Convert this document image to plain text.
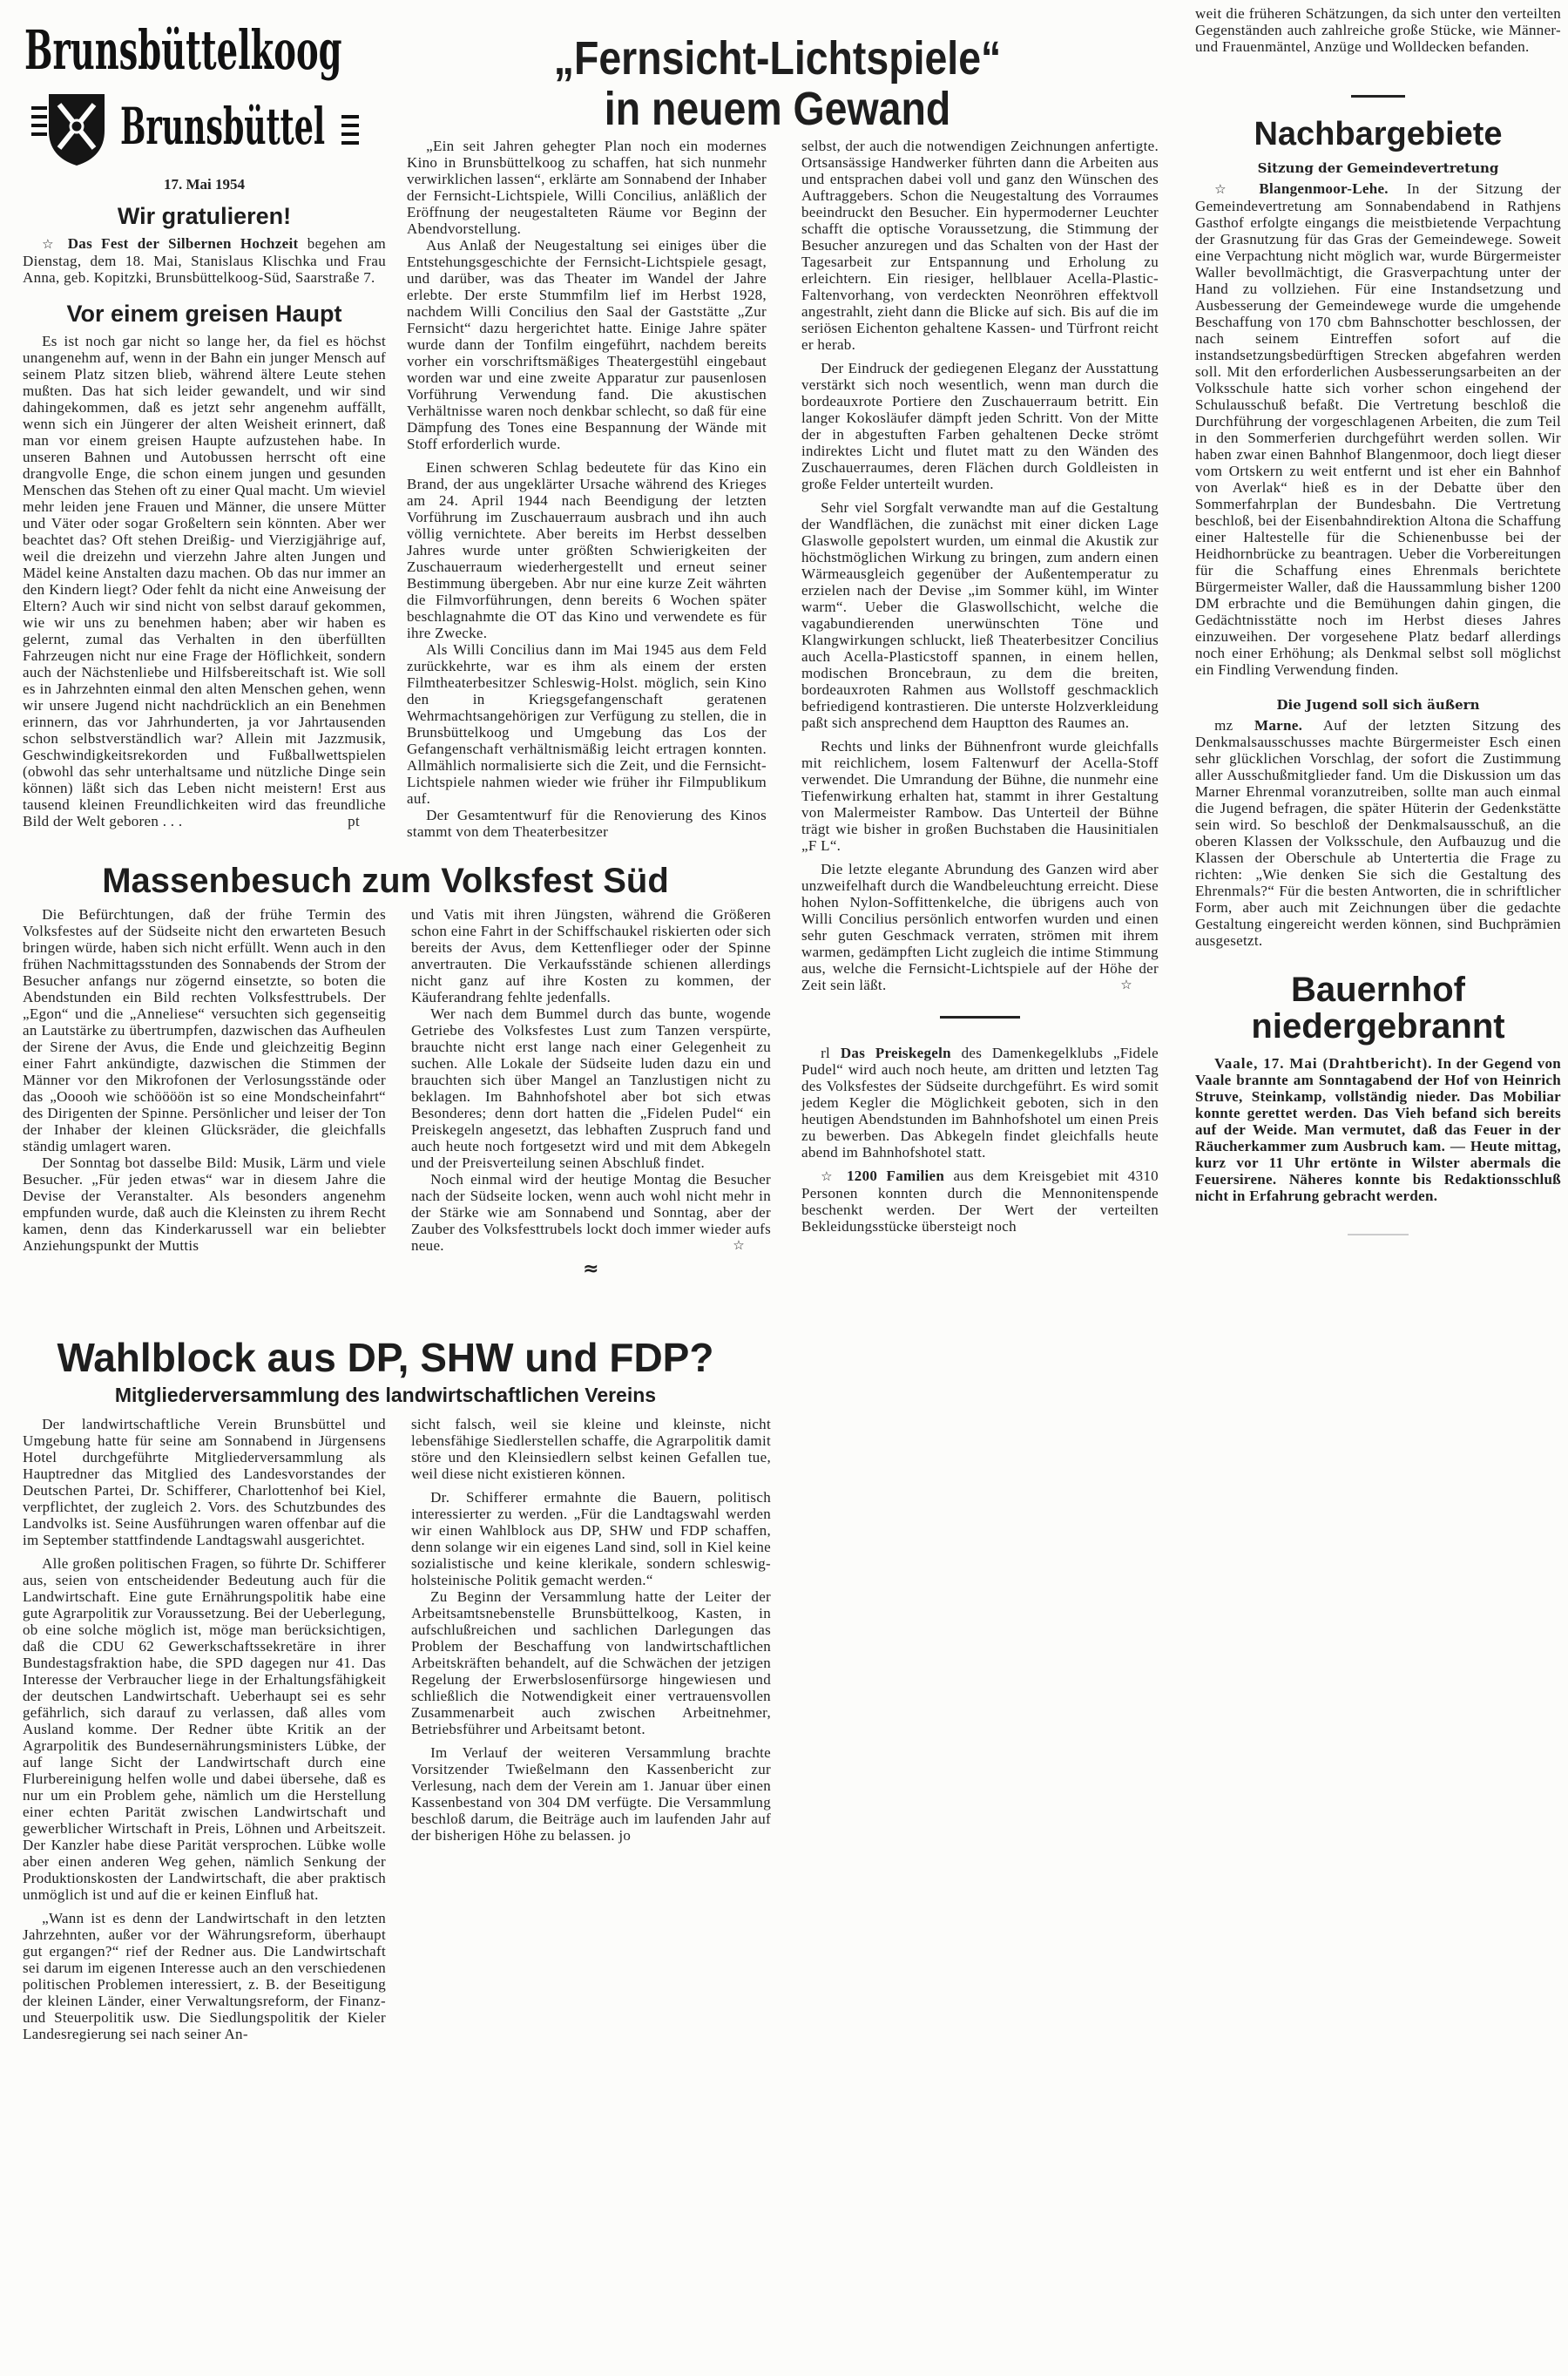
Brunsbüttelkoog
Brunsbüttel
17. Mai 1954
Wir gratulieren!

☆ Das Fest der Silbernen Hochzeit begehen am Dienstag, dem 18. Mai, Stanislaus Klischka und Frau Anna, geb. Kopitzki, Brunsbüttelkoog-Süd, Saarstraße 7.

Vor einem greisen Haupt

Es ist noch gar nicht so lange her, da fiel es höchst unangenehm auf, wenn in der Bahn ein junger Mensch auf seinem Platz sitzen blieb, während ältere Leute stehen mußten. Das hat sich leider gewandelt, und wir sind dahingekommen, daß es jetzt sehr angenehm auffällt, wenn sich ein Jüngerer der alten Weisheit erinnert, daß man vor einem greisen Haupte aufzustehen habe. In unseren Bahnen und Autobussen herrscht oft eine drangvolle Enge, die schon einem jungen und gesunden Menschen das Stehen oft zu einer Qual macht. Um wieviel mehr leiden jene Frauen und Männer, die unsere Mütter und Väter oder sogar Großeltern sein könnten. Aber wer beachtet das? Oft stehen Dreißig- und Vierzigjährige auf, weil die dreizehn und vierzehn Jahre alten Jungen und Mädel keine Anstalten dazu machen. Ob das nur immer an den Kindern liegt? Oder fehlt da nicht eine Anweisung der Eltern? Auch wir sind nicht von selbst darauf gekommen, wie wir uns zu benehmen haben; aber wir haben es gelernt, zumal das Verhalten in den überfüllten Fahrzeugen nicht nur eine Frage der Höflichkeit, sondern auch der Nächstenliebe und Hilfsbereitschaft ist. Wie soll es in Jahrzehnten einmal den alten Menschen gehen, wenn wir unsere Jugend nicht nachdrücklich an ein Benehmen erinnern, das vor Jahrhunderten, ja vor Jahrtausenden schon selbstverständlich war? Allein mit Jazzmusik, Geschwindigkeitsrekorden und Fußballwettspielen (obwohl das sehr unterhaltsame und nützliche Dinge sein können) läßt sich das Leben nicht meistern! Erst aus tausend kleinen Freundlichkeiten wird das freundliche Bild der Welt geboren . . .	pt

„Ein seit Jahren gehegter Plan noch ein modernes Kino in Brunsbüttelkoog zu schaffen, hat sich nunmehr verwirklichen lassen“, erklärte am Sonnabend der Inhaber der Fernsicht-Lichtspiele, Willi Concilius, anläßlich der Eröffnung der neugestalteten Räume vor Beginn der Abendvorstellung.

Aus Anlaß der Neugestaltung sei einiges über die Entstehungsgeschichte der Fernsicht-Lichtspiele gesagt, und darüber, was das Theater im Wandel der Jahre erlebte. Der erste Stummfilm lief im Herbst 1928, nachdem Willi Concilius den Saal der Gaststätte „Zur Fernsicht“ dazu hergerichtet hatte. Einige Jahre später wurde dann der Tonfilm eingeführt, nachdem bereits vorher ein vorschriftsmäßiges Theatergestühl eingebaut worden war und eine zweite Apparatur zur pausenlosen Vorführung Verwendung fand. Die akustischen Verhältnisse waren noch denkbar schlecht, so daß für eine Dämpfung des Tones eine Bespannung der Wände mit Stoff erforderlich wurde.

Einen schweren Schlag bedeutete für das Kino ein Brand, der aus ungeklärter Ursache während des Krieges am 24. April 1944 nach Beendigung der letzten Vorführung im Zuschauerraum ausbrach und ihn auch völlig vernichtete. Aber bereits im Herbst desselben Jahres wurde unter größten Schwierigkeiten der Zuschauerraum wiederhergestellt und erneut seiner Bestimmung übergeben. Abr nur eine kurze Zeit währten die Filmvorführungen, denn bereits 6 Wochen später beschlagnahmte die OT das Kino und verwendete es für ihre Zwecke.

Als Willi Concilius dann im Mai 1945 aus dem Feld zurückkehrte, war es ihm als einem der ersten Filmtheaterbesitzer Schleswig-Holst. möglich, sein Kino den in Kriegsgefangenschaft geratenen Wehrmachtsangehörigen zur Verfügung zu stellen, die in Brunsbüttelkoog und Umgebung das Los der Gefangenschaft verhältnismäßig leicht ertragen konnten. Allmählich normalisierte sich die Zeit, und die Fernsicht-Lichtspiele nahmen wieder wie früher ihr Filmpublikum auf.

Der Gesamtentwurf für die Renovierung des Kinos stammt von dem Theaterbesitzer

Massenbesuch zum Volksfest Süd

Die Befürchtungen, daß der frühe Termin des Volksfestes auf der Südseite nicht den erwarteten Besuch bringen würde, haben sich nicht erfüllt. Wenn auch in den frühen Nachmittagsstunden des Sonnabends der Strom der Besucher anfangs nur zögernd einsetzte, so boten die Abendstunden ein Bild rechten Volksfesttrubels. Der „Egon“ und die „Anneliese“ versuchten sich gegenseitig an Lautstärke zu übertrumpfen, dazwischen das Aufheulen der Sirene der Avus, die Ende und gleichzeitig Beginn einer Fahrt ankündigte, dazwischen die Stimmen der Männer vor den Mikrofonen der Verlosungsstände oder das „Ooooh wie schöööön ist so eine Mondscheinfahrt“ des Dirigenten der Spinne. Persönlicher und leiser der Ton der Inhaber der kleinen Glücksräder, die gleichfalls ständig umlagert waren.

Der Sonntag bot dasselbe Bild: Musik, Lärm und viele Besucher. „Für jeden etwas“ war in diesem Jahre die Devise der Veranstalter. Als besonders angenehm empfunden wurde, daß auch die Kleinsten zu ihrem Recht kamen, denn das Kinderkarussell war ein beliebter Anziehungspunkt der Muttis

und Vatis mit ihren Jüngsten, während die Größeren schon eine Fahrt in der Schiffschaukel riskierten oder sich bereits der Avus, dem Kettenflieger oder der Spinne anvertrauten. Die Verkaufsstände schienen allerdings nicht ganz auf ihre Kosten zu kommen, der Käuferandrang fehlte jedenfalls.

Wer nach dem Bummel durch das bunte, wogende Getriebe des Volksfestes Lust zum Tanzen verspürte, brauchte nicht erst lange nach einer Gelegenheit zu suchen. Alle Lokale der Südseite luden dazu ein und brauchten sich über Mangel an Tanzlustigen nicht zu beklagen. Im Bahnhofshotel aber bot sich etwas Besonderes; denn dort hatten die „Fidelen Pudel“ ein Preiskegeln angesetzt, das lebhaften Zuspruch fand und auch heute noch fortgesetzt wird und mit dem Abkegeln und der Preisverteilung seinen Abschluß findet.

Noch einmal wird der heutige Montag die Besucher nach der Südseite locken, wenn auch wohl nicht mehr in der Stärke wie am Sonnabend und Sonntag, aber der Zauber des Volksfesttrubels lockt doch immer wieder aufs neue.	☆

≈
Wahlblock aus DP, SHW und FDP?
Mitgliederversammlung des landwirtschaftlichen Vereins

Der landwirtschaftliche Verein Brunsbüttel und Umgebung hatte für seine am Sonnabend in Jürgensens Hotel durchgeführte Mitgliederversammlung als Hauptredner das Mitglied des Landesvorstandes der Deutschen Partei, Dr. Schifferer, Charlottenhof bei Kiel, verpflichtet, der zugleich 2. Vors. des Schutzbundes des Landvolks ist. Seine Ausführungen waren offenbar auf die im September stattfindende Landtagswahl ausgerichtet.

Alle großen politischen Fragen, so führte Dr. Schifferer aus, seien von entscheidender Bedeutung auch für die Landwirtschaft. Eine gute Ernährungspolitik habe eine gute Agrarpolitik zur Voraussetzung. Bei der Ueberlegung, ob eine solche möglich ist, möge man berücksichtigen, daß die CDU 62 Gewerkschaftssekretäre in ihrer Bundestagsfraktion habe, die SPD dagegen nur 41. Das Interesse der Verbraucher liege in der Erhaltungsfähigkeit der deutschen Landwirtschaft. Ueberhaupt sei es sehr gefährlich, sich darauf zu verlassen, daß alles vom Ausland komme. Der Redner übte Kritik an der Agrarpolitik des Bundesernährungsministers Lübke, der auf lange Sicht der Landwirtschaft durch eine Flurbereinigung helfen wolle und dabei übersehe, daß es nur um ein Problem gehe, nämlich um die Herstellung einer echten Parität zwischen Landwirtschaft und gewerblicher Wirtschaft in Preis, Löhnen und Arbeitszeit. Der Kanzler habe diese Parität versprochen. Lübke wolle aber einen anderen Weg gehen, nämlich Senkung der Produktionskosten der Landwirtschaft, die aber praktisch unmöglich ist und auf die er keinen Einfluß hat.

„Wann ist es denn der Landwirtschaft in den letzten Jahrzehnten, außer vor der Währungsreform, überhaupt gut ergangen?“ rief der Redner aus. Die Landwirtschaft sei darum im eigenen Interesse auch an den verschiedenen politischen Problemen interessiert, z. B. der Beseitigung der kleinen Länder, einer Verwaltungsreform, der Finanz- und Steuerpolitik usw. Die Siedlungspolitik der Kieler Landesregierung sei nach seiner An-

sicht falsch, weil sie kleine und kleinste, nicht lebensfähige Siedlerstellen schaffe, die Agrarpolitik damit störe und den Kleinsiedlern selbst keinen Gefallen tue, weil diese nicht existieren können.

Dr. Schifferer ermahnte die Bauern, politisch interessierter zu werden. „Für die Landtagswahl werden wir einen Wahlblock aus DP, SHW und FDP schaffen, denn solange wir ein eigenes Land sind, soll in Kiel keine sozialistische und keine klerikale, sondern schleswig-holsteinische Politik gemacht werden.“

Zu Beginn der Versammlung hatte der Leiter der Arbeitsamtsnebenstelle Brunsbüttelkoog, Kasten, in aufschlußreichen und sachlichen Darlegungen das Problem der Beschaffung von landwirtschaftlichen Arbeitskräften behandelt, auf die Schwächen der jetzigen Regelung der Erwerbslosenfürsorge hingewiesen und schließlich die Notwendigkeit einer vertrauensvollen Zusammenarbeit auch zwischen Arbeitnehmer, Betriebsführer und Arbeitsamt betont.

Im Verlauf der weiteren Versammlung brachte Vorsitzender Twießelmann den Kassenbericht zur Verlesung, nach dem der Verein am 1. Januar über einen Kassenbestand von 304 DM verfügte. Die Versammlung beschloß darum, die Beiträge auch im laufenden Jahr auf der bisherigen Höhe zu belassen. jo

„Fernsicht-Lichtspiele“
in neuem Gewand

selbst, der auch die notwendigen Zeichnungen anfertigte. Ortsansässige Handwerker führten dann die Arbeiten aus und entsprachen dabei voll und ganz den Wünschen des Auftraggebers. Schon die Neugestaltung des Vorraumes beeindruckt den Besucher. Ein hypermoderner Leuchter schafft die optische Voraussetzung, die Stimmung der Besucher anzuregen und das Schalten von der Hast der Tagesarbeit zur Entspannung und Erholung zu erleichtern. Ein riesiger, hellblauer Acella-Plastic-Faltenvorhang, von verdeckten Neonröhren effektvoll angestrahlt, zieht dann die Blicke auf sich. Bis auf die im seriösen Eichenton gehaltene Kassen- und Türfront reicht er herab.

Der Eindruck der gediegenen Eleganz der Ausstattung verstärkt sich noch wesentlich, wenn man durch die bordeauxrote Portiere den Zuschauerraum betritt. Ein langer Kokosläufer dämpft jeden Schritt. Von der Mitte der in abgestuften Farben gehaltenen Decke strömt indirektes Licht und flutet matt zu den Wänden des Zuschauerraumes, deren Flächen durch Goldleisten in große Felder unterteilt wurden.

Sehr viel Sorgfalt verwandte man auf die Gestaltung der Wandflächen, die zunächst mit einer dicken Lage Glaswolle gepolstert wurden, um einmal die Akustik zur höchstmöglichen Wirkung zu bringen, zum andern einen Wärmeausgleich gegenüber der Außentemperatur zu erzielen nach der Devise „im Sommer kühl, im Winter warm“. Ueber die Glaswollschicht, welche die vagabundierenden unerwünschten Töne und Klangwirkungen schluckt, ließ Theaterbesitzer Concilius auch Acella-Plasticstoff spannen, in einem hellen, modischen Broncebraun, zu dem die breiten, bordeauxroten Rahmen aus Wollstoff geschmacklich befriedigend kontrastieren. Die unterste Holzverkleidung paßt sich ansprechend dem Hauptton des Raumes an.

Rechts und links der Bühnenfront wurde gleichfalls mit reichlichem, losem Faltenwurf der Acella-Stoff verwendet. Die Umrandung der Bühne, die nunmehr eine Tiefenwirkung erhalten hat, stammt in ihrer Gestaltung von Malermeister Rambow. Das Unterteil der Bühne trägt wie bisher in großen Buchstaben die Hausinitialen „F L“.

Die letzte elegante Abrundung des Ganzen wird aber unzweifelhaft durch die Wandbeleuchtung erreicht. Diese hohen Nylon-Soffittenkelche, die übrigens auch von Willi Concilius persönlich entworfen wurden und einen sehr guten Geschmack verraten, strömen mit ihrem warmen, gedämpften Licht zugleich die intime Stimmung aus, welche die Fernsicht-Lichtspiele auf der Höhe der Zeit sein läßt.	☆

rl Das Preiskegeln des Damenkegelklubs „Fidele Pudel“ wird auch noch heute, am dritten und letzten Tag des Volksfestes der Südseite durchgeführt. Es wird somit jedem Kegler die Möglichkeit geboten, sich in den heutigen Abendstunden im Bahnhofshotel um einen Preis zu bewerben. Das Abkegeln findet gleichfalls heute abend im Bahnhofshotel statt.

☆ 1200 Familien aus dem Kreisgebiet mit 4310 Personen konnten durch die Mennonitenspende beschenkt werden. Der Wert der verteilten Bekleidungsstücke übersteigt noch

weit die früheren Schätzungen, da sich unter den verteilten Gegenständen auch zahlreiche große Stücke, wie Männer- und Frauenmäntel, Anzüge und Wolldecken befanden.

Nachbargebiete
Sitzung der Gemeindevertretung

☆ Blangenmoor-Lehe. In der Sitzung der Gemeindevertretung am Sonnabendabend in Rathjens Gasthof erfolgte eingangs die meistbietende Verpachtung der Grasnutzung für das Gras der Gemeindewege. Soweit eine Verpachtung nicht möglich war, wurde Bürgermeister Waller bevollmächtigt, die Grasverpachtung unter der Hand zu vollziehen. Für eine Instandsetzung und Ausbesserung der Gemeindewege wurde die umgehende Beschaffung von 170 cbm Bahnschotter beschlossen, der nach seinem Eintreffen sofort auf die instandsetzungsbedürftigen Strecken abgefahren werden soll. Mit den erforderlichen Ausbesserungsarbeiten an der Volksschule hatte sich vorher schon eingehend der Schulausschuß befaßt. Die Vertretung beschloß die Durchführung der vorgeschlagenen Arbeiten, die zum Teil in den Sommerferien durchgeführt werden sollen. Wir haben zwar einen Bahnhof Blangenmoor, doch liegt dieser vom Ortskern zu weit entfernt und ist eher ein Bahnhof von Averlak“ hieß es in der Debatte über den Sommerfahrplan der Bundesbahn. Die Vertretung beschloß, bei der Eisenbahndirektion Altona die Schaffung einer Haltestelle für die Schienenbusse bei der Heidhornbrücke zu beantragen. Ueber die Vorbereitungen für die Schaffung eines Ehrenmals berichtete Bürgermeister Waller, daß die Haussammlung bisher 1200 DM erbrachte und die Bemühungen dahin gingen, die Gedächtnisstätte noch im Herbst dieses Jahres einzuweihen. Der vorgesehene Platz bedarf allerdings noch einer Erhöhung; als Denkmal selbst soll möglichst ein Findling Verwendung finden.

Die Jugend soll sich äußern

mz Marne. Auf der letzten Sitzung des Denkmalsausschusses machte Bürgermeister Esch einen sehr glücklichen Vorschlag, der sofort die Zustimmung aller Ausschußmitglieder fand. Um die Diskussion um das Marner Ehrenmal voranzutreiben, sollte man auch einmal die Jugend befragen, die später Hüterin der Gedenkstätte sein wird. So beschloß der Denkmalsausschuß, an die oberen Klassen der Volksschule, den Aufbauzug und die Klassen der Oberschule ab Untertertia die Frage zu richten: „Wie denken Sie sich die Gestaltung des Ehrenmals?“ Für die besten Antworten, die in schriftlicher Form, aber auch mit Zeichnungen über die gedachte Gestaltung eingereicht werden können, sind Buchprämien ausgesetzt.

Bauernhof
niedergebrannt

Vaale, 17. Mai (Drahtbericht). In der Gegend von Vaale brannte am Sonntagabend der Hof von Heinrich Struve, Steinkamp, vollständig nieder. Das Mobiliar konnte gerettet werden. Das Vieh befand sich bereits auf der Weide. Man vermutet, daß das Feuer in der Räucherkammer zum Ausbruch kam. — Heute mittag, kurz vor 11 Uhr ertönte in Wilster abermals die Feuersirene. Näheres konnte bis Redaktionsschluß nicht in Erfahrung gebracht werden.
